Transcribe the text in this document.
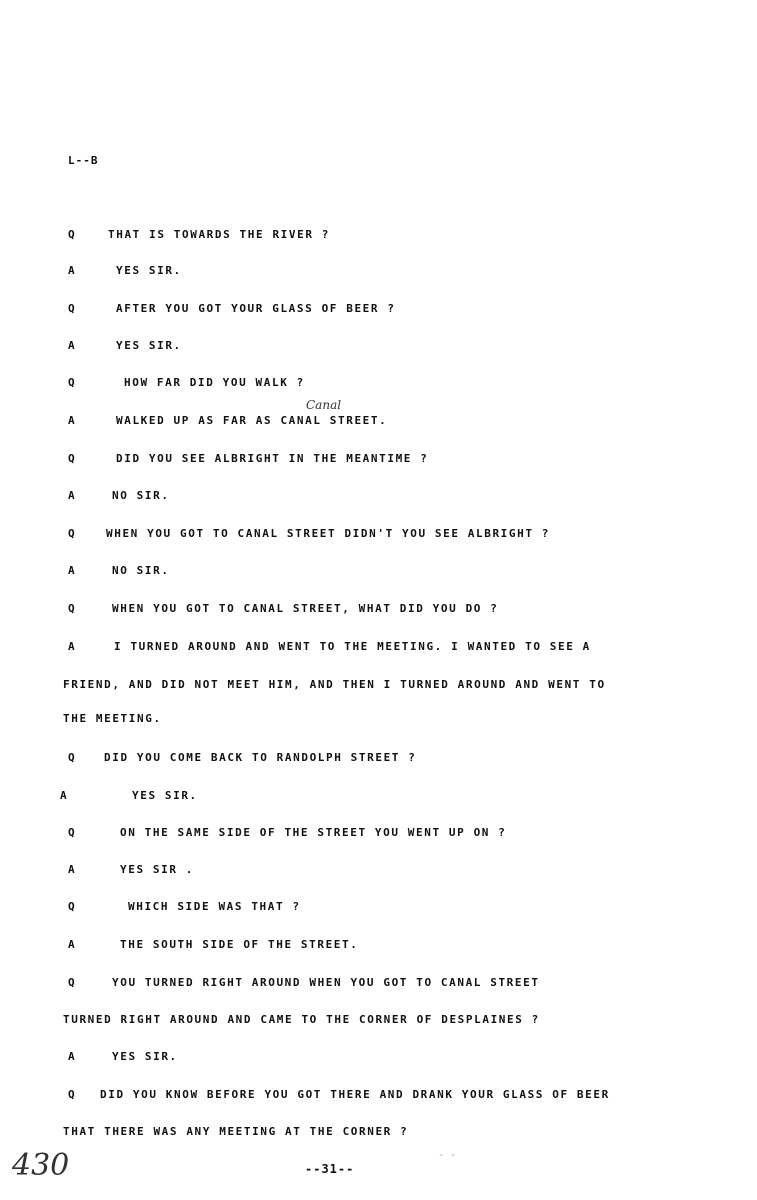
L--B
Canal
Q	THAT IS TOWARDS THE RIVER ?
A	YES SIR.
Q	AFTER YOU GOT YOUR GLASS OF BEER ?
A	YES SIR.
Q	HOW FAR DID YOU WALK ?
A	WALKED UP AS FAR AS CANAL STREET.
Q	DID YOU SEE ALBRIGHT IN THE MEANTIME ?
A	NO SIR.
Q	WHEN YOU GOT TO CANAL STREET DIDN'T YOU SEE ALBRIGHT ?
A	NO SIR.
Q	WHEN YOU GOT TO CANAL STREET, WHAT DID YOU DO ?
A	I TURNED AROUND AND WENT TO THE MEETING. I WANTED TO SEE A
FRIEND, AND DID NOT MEET HIM, AND THEN I TURNED AROUND AND WENT TO
THE MEETING.
Q	DID YOU COME BACK TO RANDOLPH STREET ?
A	YES SIR.
Q	ON THE SAME SIDE OF THE STREET YOU WENT UP ON ?
A	YES SIR .
Q	WHICH SIDE WAS THAT ?
A	THE SOUTH SIDE OF THE STREET.
Q	YOU TURNED RIGHT AROUND WHEN YOU GOT TO CANAL STREET
TURNED RIGHT AROUND AND CAME TO THE CORNER OF DESPLAINES ?
A	YES SIR.
Q DID YOU KNOW BEFORE YOU GOT THERE AND DRANK YOUR GLASS OF BEER
THAT THERE WAS ANY MEETING AT THE CORNER ?
430	- -
--31--
